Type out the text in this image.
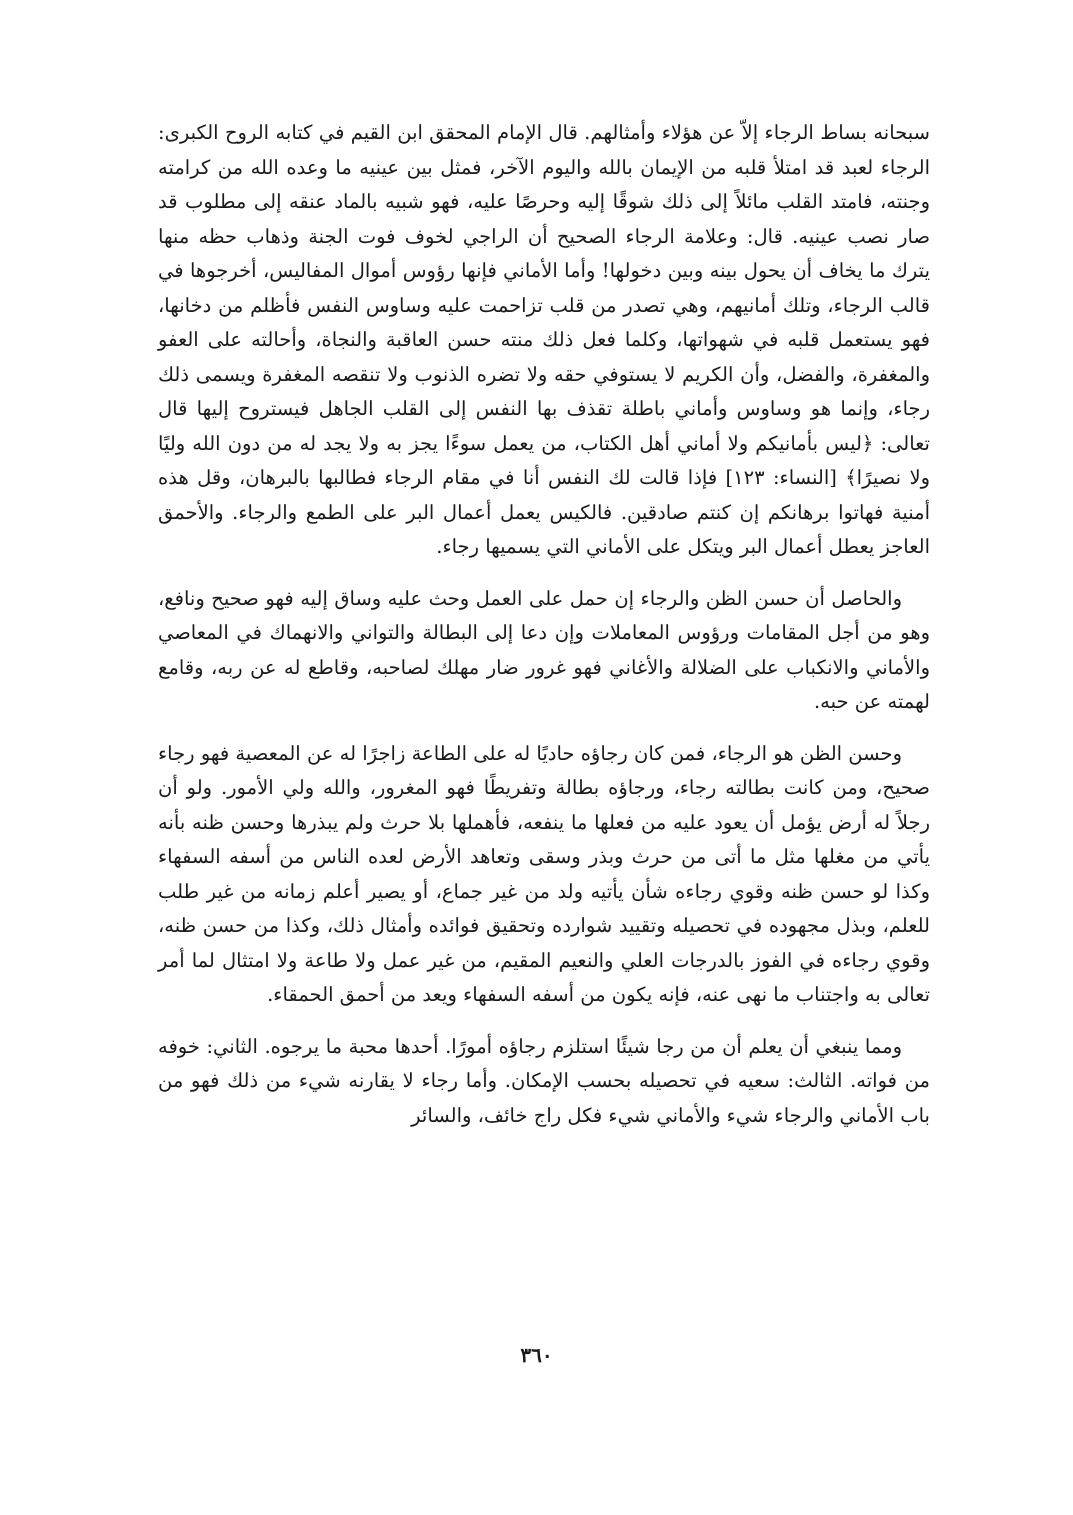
سبحانه بساط الرجاء إلاّ عن هؤلاء وأمثالهم. قال الإمام المحقق ابن القيم في كتابه الروح الكبرى: الرجاء لعبد قد امتلأ قلبه من الإيمان بالله واليوم الآخر، فمثل بين عينيه ما وعده الله من كرامته وجنته، فامتد القلب مائلاً إلى ذلك شوقًا إليه وحرصًا عليه، فهو شبيه بالماد عنقه إلى مطلوب قد صار نصب عينيه. قال: وعلامة الرجاء الصحيح أن الراجي لخوف فوت الجنة وذهاب حظه منها يترك ما يخاف أن يحول بينه وبين دخولها! وأما الأماني فإنها رؤوس أموال المفاليس، أخرجوها في قالب الرجاء، وتلك أمانيهم، وهي تصدر من قلب تزاحمت عليه وساوس النفس فأظلم من دخانها، فهو يستعمل قلبه في شهواتها، وكلما فعل ذلك منته حسن العاقبة والنجاة، وأحالته على العفو والمغفرة، والفضل، وأن الكريم لا يستوفي حقه ولا تضره الذنوب ولا تنقصه المغفرة ويسمى ذلك رجاء، وإنما هو وساوس وأماني باطلة تقذف بها النفس إلى القلب الجاهل فيستروح إليها قال تعالى: ﴿ليس بأمانيكم ولا أماني أهل الكتاب، من يعمل سوءًا يجز به ولا يجد له من دون الله وليًا ولا نصيرًا﴾ [النساء: ١٢٣] فإذا قالت لك النفس أنا في مقام الرجاء فطالبها بالبرهان، وقل هذه أمنية فهاتوا برهانكم إن كنتم صادقين. فالكيس يعمل أعمال البر على الطمع والرجاء. والأحمق العاجز يعطل أعمال البر ويتكل على الأماني التي يسميها رجاء.

والحاصل أن حسن الظن والرجاء إن حمل على العمل وحث عليه وساق إليه فهو صحيح ونافع، وهو من أجل المقامات ورؤوس المعاملات وإن دعا إلى البطالة والتواني والانهماك في المعاصي والأماني والانكباب على الضلالة والأغاني فهو غرور ضار مهلك لصاحبه، وقاطع له عن ربه، وقامع لهمته عن حبه.

وحسن الظن هو الرجاء، فمن كان رجاؤه حاديًا له على الطاعة زاجرًا له عن المعصية فهو رجاء صحيح، ومن كانت بطالته رجاء، ورجاؤه بطالة وتفريطًا فهو المغرور، والله ولي الأمور. ولو أن رجلاً له أرض يؤمل أن يعود عليه من فعلها ما ينفعه، فأهملها بلا حرث ولم يبذرها وحسن ظنه بأنه يأتي من مغلها مثل ما أتى من حرث وبذر وسقى وتعاهد الأرض لعده الناس من أسفه السفهاء وكذا لو حسن ظنه وقوي رجاءه شأن يأتيه ولد من غير جماع، أو يصير أعلم زمانه من غير طلب للعلم، وبذل مجهوده في تحصيله وتقييد شوارده وتحقيق فوائده وأمثال ذلك، وكذا من حسن ظنه، وقوي رجاءه في الفوز بالدرجات العلي والنعيم المقيم، من غير عمل ولا طاعة ولا امتثال لما أمر تعالى به واجتناب ما نهى عنه، فإنه يكون من أسفه السفهاء ويعد من أحمق الحمقاء.

ومما ينبغي أن يعلم أن من رجا شيئًا استلزم رجاؤه أمورًا. أحدها محبة ما يرجوه. الثاني: خوفه من فواته. الثالث: سعيه في تحصيله بحسب الإمكان. وأما رجاء لا يقارنه شيء من ذلك فهو من باب الأماني والرجاء شيء والأماني شيء فكل راج خائف، والسائر

٣٦٠
